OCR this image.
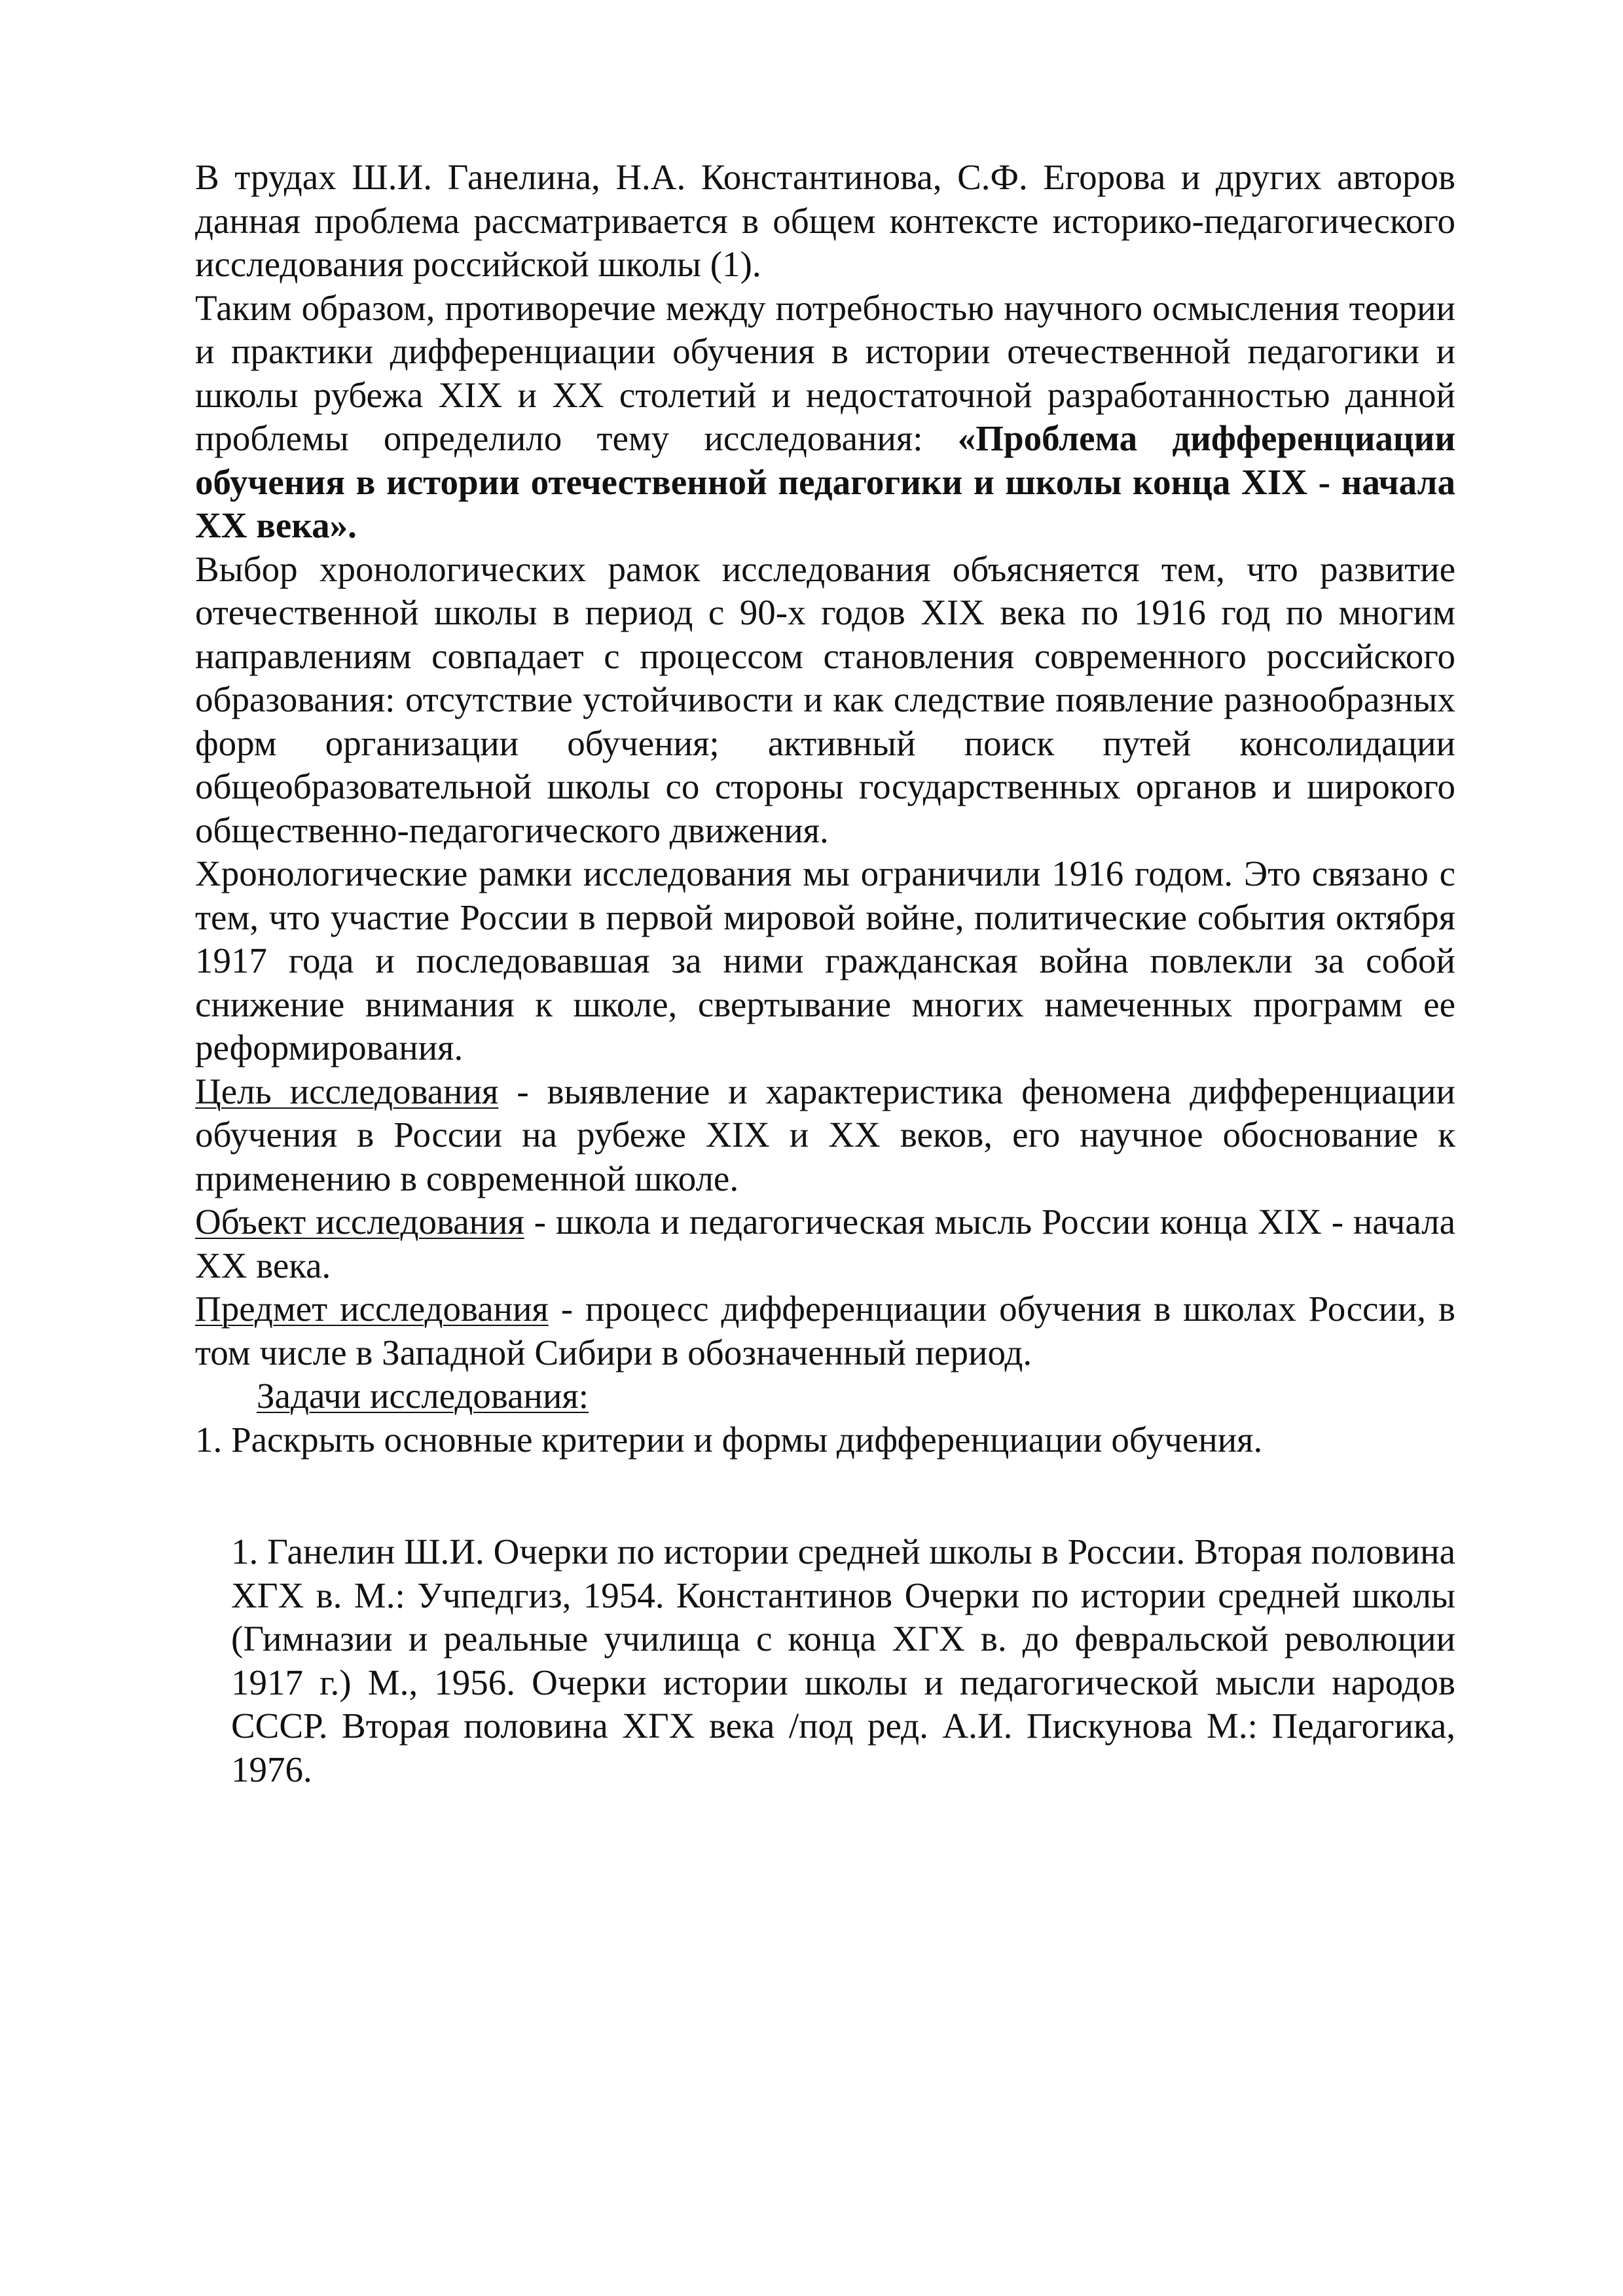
В трудах Ш.И. Ганелина, Н.А. Константинова, С.Ф. Егорова и других авторов данная проблема рассматривается в общем контексте историко-педагогического исследования российской школы (1).

Таким образом, противоречие между потребностью научного осмысления теории и практики дифференциации обучения в истории отечественной педагогики и школы рубежа XIX и XX столетий и недостаточной разработанностью данной проблемы определило тему исследования: «Проблема дифференциации обучения в истории отечественной педагогики и школы конца XIX - начала XX века».

Выбор хронологических рамок исследования объясняется тем, что развитие отечественной школы в период с 90-х годов XIX века по 1916 год по многим направлениям совпадает с процессом становления современного российского образования: отсутствие устойчивости и как следствие появление разнообразных форм организации обучения; активный поиск путей консолидации общеобразовательной школы со стороны государственных органов и широкого общественно-педагогического движения.

Хронологические рамки исследования мы ограничили 1916 годом. Это связано с тем, что участие России в первой мировой войне, политические события октября 1917 года и последовавшая за ними гражданская война повлекли за собой снижение внимания к школе, свертывание многих намеченных программ ее реформирования.

Цель исследования - выявление и характеристика феномена дифференциации обучения в России на рубеже XIX и XX веков, его научное обоснование к применению в современной школе.

Объект исследования - школа и педагогическая мысль России конца XIX - начала XX века.

Предмет исследования - процесс дифференциации обучения в школах России, в том числе в Западной Сибири в обозначенный период.

Задачи исследования:

1. Раскрыть основные критерии и формы дифференциации обучения.

1. Ганелин Ш.И. Очерки по истории средней школы в России. Вторая половина ХГХ в. М.: Учпедгиз, 1954. Константинов Очерки по истории средней школы (Гимназии и реальные училища с конца ХГХ в. до февральской революции 1917 г.) М., 1956. Очерки истории школы и педагогической мысли народов СССР. Вторая половина ХГХ века /под ред. А.И. Пискунова М.: Педагогика, 1976.
